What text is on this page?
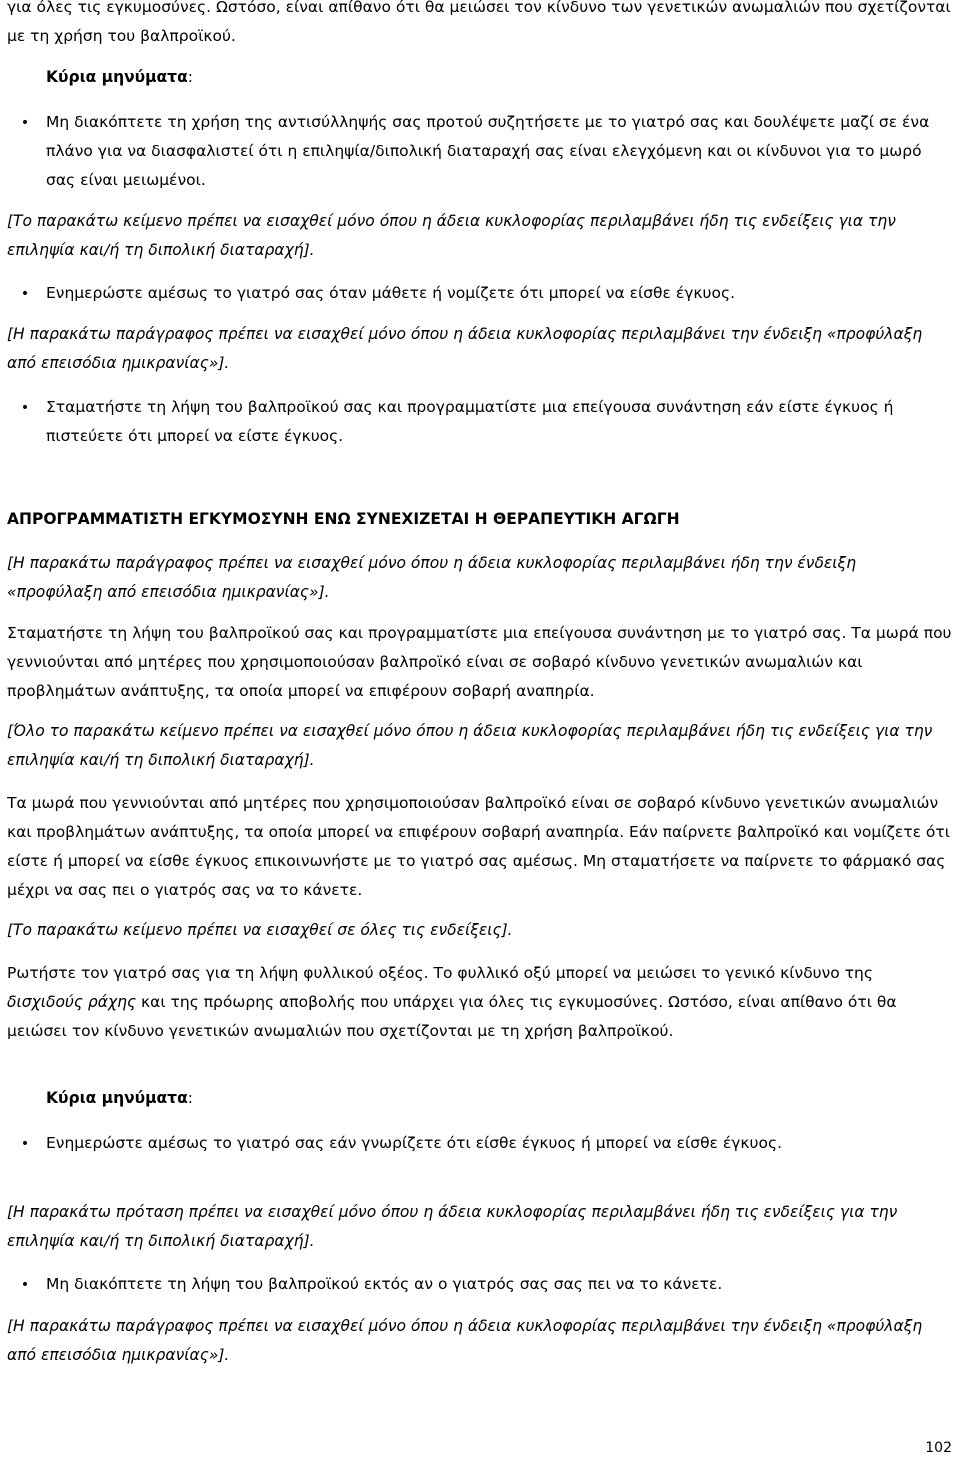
για όλες τις εγκυμοσύνες. Ωστόσο, είναι απίθανο ότι θα μειώσει τον κίνδυνο των γενετικών ανωμαλιών που σχετίζονται με τη χρήση του βαλπροϊκού.

Κύρια μηνύματα:

•
Μη διακόπτετε τη χρήση της αντισύλληψής σας προτού συζητήσετε με το γιατρό σας και δουλέψετε μαζί σε ένα πλάνο για να διασφαλιστεί ότι η επιληψία/διπολική διαταραχή σας είναι ελεγχόμενη και οι κίνδυνοι για το μωρό σας είναι μειωμένοι.

[Το παρακάτω κείμενο πρέπει να εισαχθεί μόνο όπου η άδεια κυκλοφορίας περιλαμβάνει ήδη τις ενδείξεις για την επιληψία και/ή τη διπολική διαταραχή].

•
Ενημερώστε αμέσως το γιατρό σας όταν μάθετε ή νομίζετε ότι μπορεί να είσθε έγκυος.

[Η παρακάτω παράγραφος πρέπει να εισαχθεί μόνο όπου η άδεια κυκλοφορίας περιλαμβάνει την ένδειξη «προφύλαξη από επεισόδια ημικρανίας»].

•
Σταματήστε τη λήψη του βαλπροϊκού σας και προγραμματίστε μια επείγουσα συνάντηση εάν είστε έγκυος ή πιστεύετε ότι μπορεί να είστε έγκυος.

ΑΠΡΟΓΡΑΜΜΑΤΙΣΤΗ ΕΓΚΥΜΟΣΥΝΗ ΕΝΩ ΣΥΝΕΧΙΖΕΤΑΙ Η ΘΕΡΑΠΕΥΤΙΚΗ ΑΓΩΓΗ

[Η παρακάτω παράγραφος πρέπει να εισαχθεί μόνο όπου η άδεια κυκλοφορίας περιλαμβάνει ήδη την ένδειξη «προφύλαξη από επεισόδια ημικρανίας»].

Σταματήστε τη λήψη του βαλπροϊκού σας και προγραμματίστε μια επείγουσα συνάντηση με το γιατρό σας. Τα μωρά που γεννιούνται από μητέρες που χρησιμοποιούσαν βαλπροϊκό είναι σε σοβαρό κίνδυνο γενετικών ανωμαλιών και προβλημάτων ανάπτυξης, τα οποία μπορεί να επιφέρουν σοβαρή αναπηρία.

[Όλο το παρακάτω κείμενο πρέπει να εισαχθεί μόνο όπου η άδεια κυκλοφορίας περιλαμβάνει ήδη τις ενδείξεις για την επιληψία και/ή τη διπολική διαταραχή].

Τα μωρά που γεννιούνται από μητέρες που χρησιμοποιούσαν βαλπροϊκό είναι σε σοβαρό κίνδυνο γενετικών ανωμαλιών και προβλημάτων ανάπτυξης, τα οποία μπορεί να επιφέρουν σοβαρή αναπηρία. Εάν παίρνετε βαλπροϊκό και νομίζετε ότι είστε ή μπορεί να είσθε έγκυος επικοινωνήστε με το γιατρό σας αμέσως. Μη σταματήσετε να παίρνετε το φάρμακό σας μέχρι να σας πει ο γιατρός σας να το κάνετε.

[Το παρακάτω κείμενο πρέπει να εισαχθεί σε όλες τις ενδείξεις].

Ρωτήστε τον γιατρό σας για τη λήψη φυλλικού οξέος. Το φυλλικό οξύ μπορεί να μειώσει το γενικό κίνδυνο της δισχιδούς ράχης και της πρόωρης αποβολής που υπάρχει για όλες τις εγκυμοσύνες. Ωστόσο, είναι απίθανο ότι θα μειώσει τον κίνδυνο γενετικών ανωμαλιών που σχετίζονται με τη χρήση βαλπροϊκού.

Κύρια μηνύματα:

•
Ενημερώστε αμέσως το γιατρό σας εάν γνωρίζετε ότι είσθε έγκυος ή μπορεί να είσθε έγκυος.

[Η παρακάτω πρόταση πρέπει να εισαχθεί μόνο όπου η άδεια κυκλοφορίας περιλαμβάνει ήδη τις ενδείξεις για την επιληψία και/ή τη διπολική διαταραχή].

•
Μη διακόπτετε τη λήψη του βαλπροϊκού εκτός αν ο γιατρός σας σας πει να το κάνετε.

[Η παρακάτω παράγραφος πρέπει να εισαχθεί μόνο όπου η άδεια κυκλοφορίας περιλαμβάνει την ένδειξη «προφύλαξη από επεισόδια ημικρανίας»].

102
